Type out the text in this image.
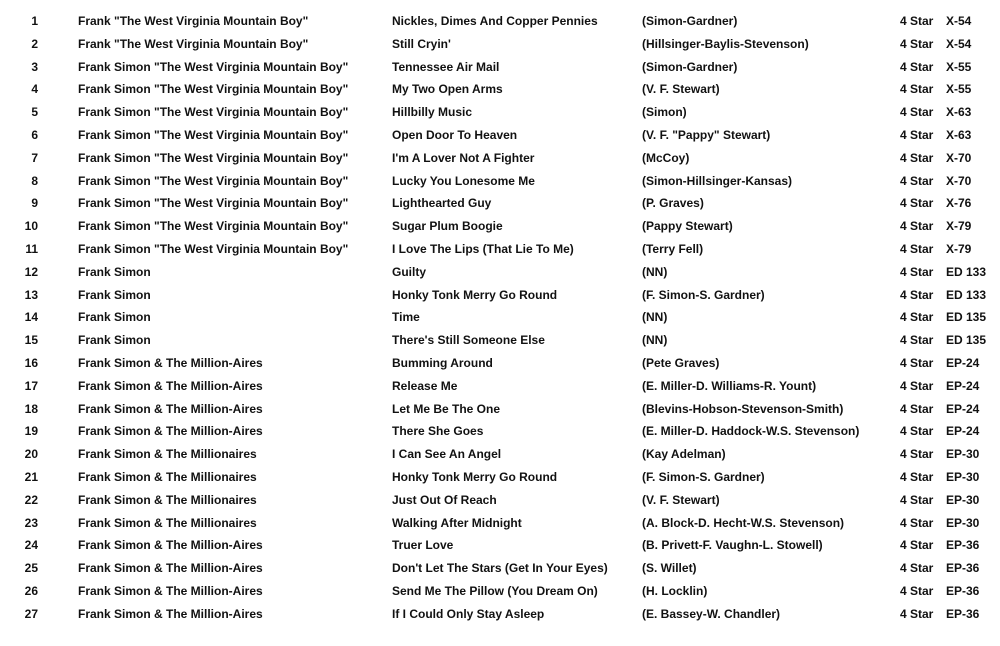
1	Frank "The West Virginia Mountain Boy"	Nickles, Dimes And Copper Pennies	(Simon-Gardner)	4 Star X-54
2	Frank "The West Virginia Mountain Boy"	Still Cryin'	(Hillsinger-Baylis-Stevenson)	4 Star X-54
3	Frank Simon "The West Virginia Mountain Boy"	Tennessee Air Mail	(Simon-Gardner)	4 Star X-55
4	Frank Simon "The West Virginia Mountain Boy"	My Two Open Arms	(V. F. Stewart)	4 Star X-55
5	Frank Simon "The West Virginia Mountain Boy"	Hillbilly Music	(Simon)	4 Star X-63
6	Frank Simon "The West Virginia Mountain Boy"	Open Door To Heaven	(V. F. "Pappy" Stewart)	4 Star X-63
7	Frank Simon "The West Virginia Mountain Boy"	I'm A Lover Not A Fighter	(McCoy)	4 Star X-70
8	Frank Simon "The West Virginia Mountain Boy"	Lucky You Lonesome Me	(Simon-Hillsinger-Kansas)	4 Star X-70
9	Frank Simon "The West Virginia Mountain Boy"	Lighthearted Guy	(P. Graves)	4 Star X-76
10	Frank Simon "The West Virginia Mountain Boy"	Sugar Plum Boogie	(Pappy Stewart)	4 Star X-79
11	Frank Simon "The West Virginia Mountain Boy"	I Love The Lips (That Lie To Me)	(Terry Fell)	4 Star X-79
12	Frank Simon	Guilty	(NN)	4 Star ED 133
13	Frank Simon	Honky Tonk Merry Go Round	(F. Simon-S. Gardner)	4 Star ED 133
14	Frank Simon	Time	(NN)	4 Star ED 135
15	Frank Simon	There's Still Someone Else	(NN)	4 Star ED 135
16	Frank Simon & The Million-Aires	Bumming Around	(Pete Graves)	4 Star EP-24
17	Frank Simon & The Million-Aires	Release Me	(E. Miller-D. Williams-R. Yount)	4 Star EP-24
18	Frank Simon & The Million-Aires	Let Me Be The One	(Blevins-Hobson-Stevenson-Smith)	4 Star EP-24
19	Frank Simon & The Million-Aires	There She Goes	(E. Miller-D. Haddock-W.S. Stevenson)	4 Star EP-24
20	Frank Simon & The Millionaires	I Can See An Angel	(Kay Adelman)	4 Star EP-30
21	Frank Simon & The Millionaires	Honky Tonk Merry Go Round	(F. Simon-S. Gardner)	4 Star EP-30
22	Frank Simon & The Millionaires	Just Out Of Reach	(V. F. Stewart)	4 Star EP-30
23	Frank Simon & The Millionaires	Walking After Midnight	(A. Block-D. Hecht-W.S. Stevenson)	4 Star EP-30
24	Frank Simon & The Million-Aires	Truer Love	(B. Privett-F. Vaughn-L. Stowell)	4 Star EP-36
25	Frank Simon & The Million-Aires	Don't Let The Stars (Get In Your Eyes)	(S. Willet)	4 Star EP-36
26	Frank Simon & The Million-Aires	Send Me The Pillow (You Dream On)	(H. Locklin)	4 Star EP-36
27	Frank Simon & The Million-Aires	If I Could Only Stay Asleep	(E. Bassey-W. Chandler)	4 Star EP-36
